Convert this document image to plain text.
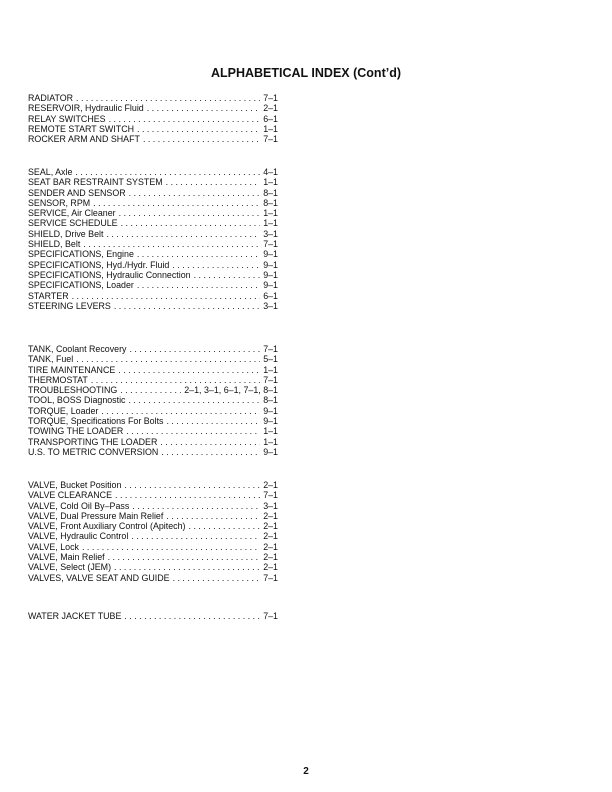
ALPHABETICAL INDEX (Cont’d)
RADIATOR . . .	7–1
RESERVOIR, Hydraulic Fluid . . .	2–1
RELAY SWITCHES . . .	6–1
REMOTE START SWITCH . . .	1–1
ROCKER ARM AND SHAFT . . .	7–1
SEAL, Axle . . .	4–1
SEAT BAR RESTRAINT SYSTEM . . .	1–1
SENDER AND SENSOR . . .	8–1
SENSOR, RPM . . .	8–1
SERVICE, Air Cleaner . . .	1–1
SERVICE SCHEDULE . . .	1–1
SHIELD, Drive Belt . . .	3–1
SHIELD, Belt . . .	7–1
SPECIFICATIONS, Engine . . .	9–1
SPECIFICATIONS, Hyd./Hydr. Fluid . . .	9–1
SPECIFICATIONS, Hydraulic Connection . . .	9–1
SPECIFICATIONS, Loader . . .	9–1
STARTER . . .	6–1
STEERING LEVERS . . .	3–1
TANK, Coolant Recovery . . .	7–1
TANK, Fuel . . .	5–1
TIRE MAINTENANCE . . .	1–1
THERMOSTAT . . .	7–1
TROUBLESHOOTING . . .	2–1, 3–1, 6–1, 7–1, 8–1
TOOL, BOSS Diagnostic . . .	8–1
TORQUE, Loader . . .	9–1
TORQUE, Specifications For Bolts . . .	9–1
TOWING THE LOADER . . .	1–1
TRANSPORTING THE LOADER . . .	1–1
U.S. TO METRIC CONVERSION . . .	9–1
VALVE, Bucket Position . . .	2–1
VALVE CLEARANCE . . .	7–1
VALVE, Cold Oil By–Pass . . .	3–1
VALVE, Dual Pressure Main Relief . . .	2–1
VALVE, Front Auxiliary Control (Apitech) . . .	2–1
VALVE, Hydraulic Control . . .	2–1
VALVE, Lock . . .	2–1
VALVE, Main Relief . . .	2–1
VALVE, Select (JEM) . . .	2–1
VALVES, VALVE SEAT AND GUIDE . . .	7–1
WATER JACKET TUBE . . .	7–1
2
